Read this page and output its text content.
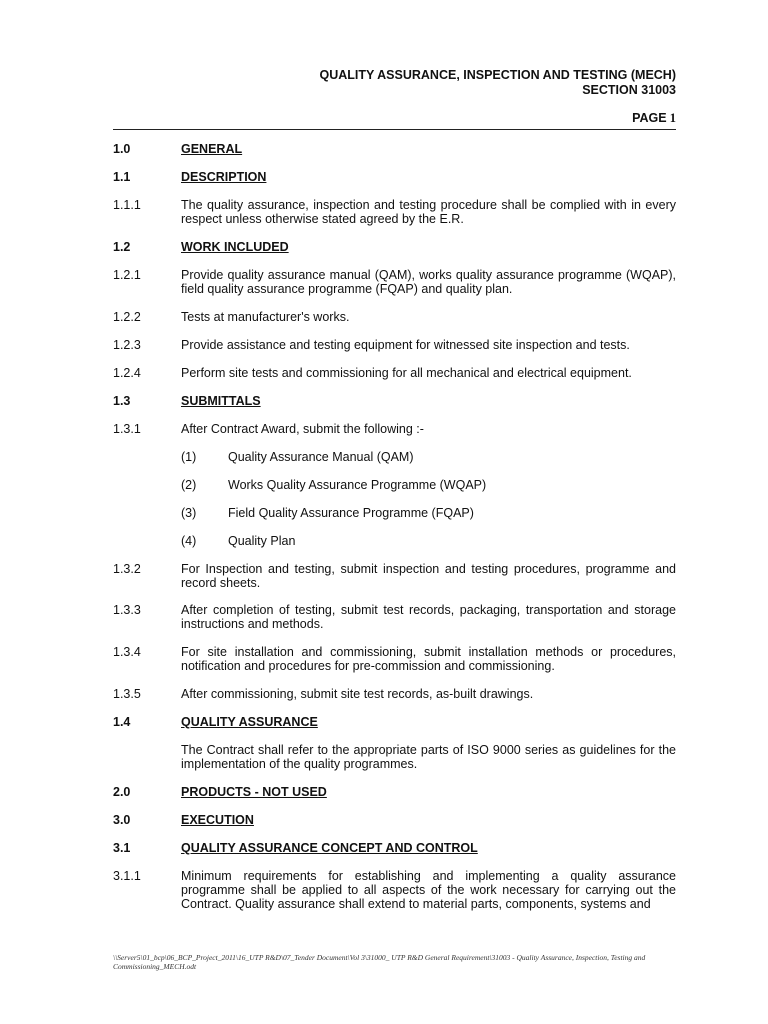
QUALITY ASSURANCE, INSPECTION AND TESTING (MECH)
SECTION 31003
PAGE 1
1.0	GENERAL
1.1	DESCRIPTION
1.1.1	The quality assurance, inspection and testing procedure shall be complied with in every respect unless otherwise stated agreed by the E.R.
1.2	WORK INCLUDED
1.2.1	Provide quality assurance manual (QAM), works quality assurance programme (WQAP), field quality assurance programme (FQAP) and quality plan.
1.2.2	Tests at manufacturer's works.
1.2.3	Provide assistance and testing equipment for witnessed site inspection and tests.
1.2.4	Perform site tests and commissioning for all mechanical and electrical equipment.
1.3	SUBMITTALS
1.3.1	After Contract Award, submit the following :-
(1)	Quality Assurance Manual (QAM)
(2)	Works Quality Assurance Programme (WQAP)
(3)	Field Quality Assurance Programme (FQAP)
(4)	Quality Plan
1.3.2	For Inspection and testing, submit inspection and testing procedures, programme and record sheets.
1.3.3	After completion of testing, submit test records, packaging, transportation and storage instructions and methods.
1.3.4	For site installation and commissioning, submit installation methods or procedures, notification and procedures for pre-commission and commissioning.
1.3.5	After commissioning, submit site test records, as-built drawings.
1.4	QUALITY ASSURANCE
The Contract shall refer to the appropriate parts of ISO 9000 series as guidelines for the implementation of the quality programmes.
2.0	PRODUCTS - NOT USED
3.0	EXECUTION
3.1	QUALITY ASSURANCE CONCEPT AND CONTROL
3.1.1	Minimum requirements for establishing and implementing a quality assurance programme shall be applied to all aspects of the work necessary for carrying out the Contract. Quality assurance shall extend to material parts, components, systems and
\\Server5\01_bcp\06_BCP_Project_2011\16_UTP R&D\07_Tender Document\Vol 3\31000_ UTP R&D General Requirement\31003 - Quality Assurance, Inspection, Testing and Commissioning_MECH.odt
